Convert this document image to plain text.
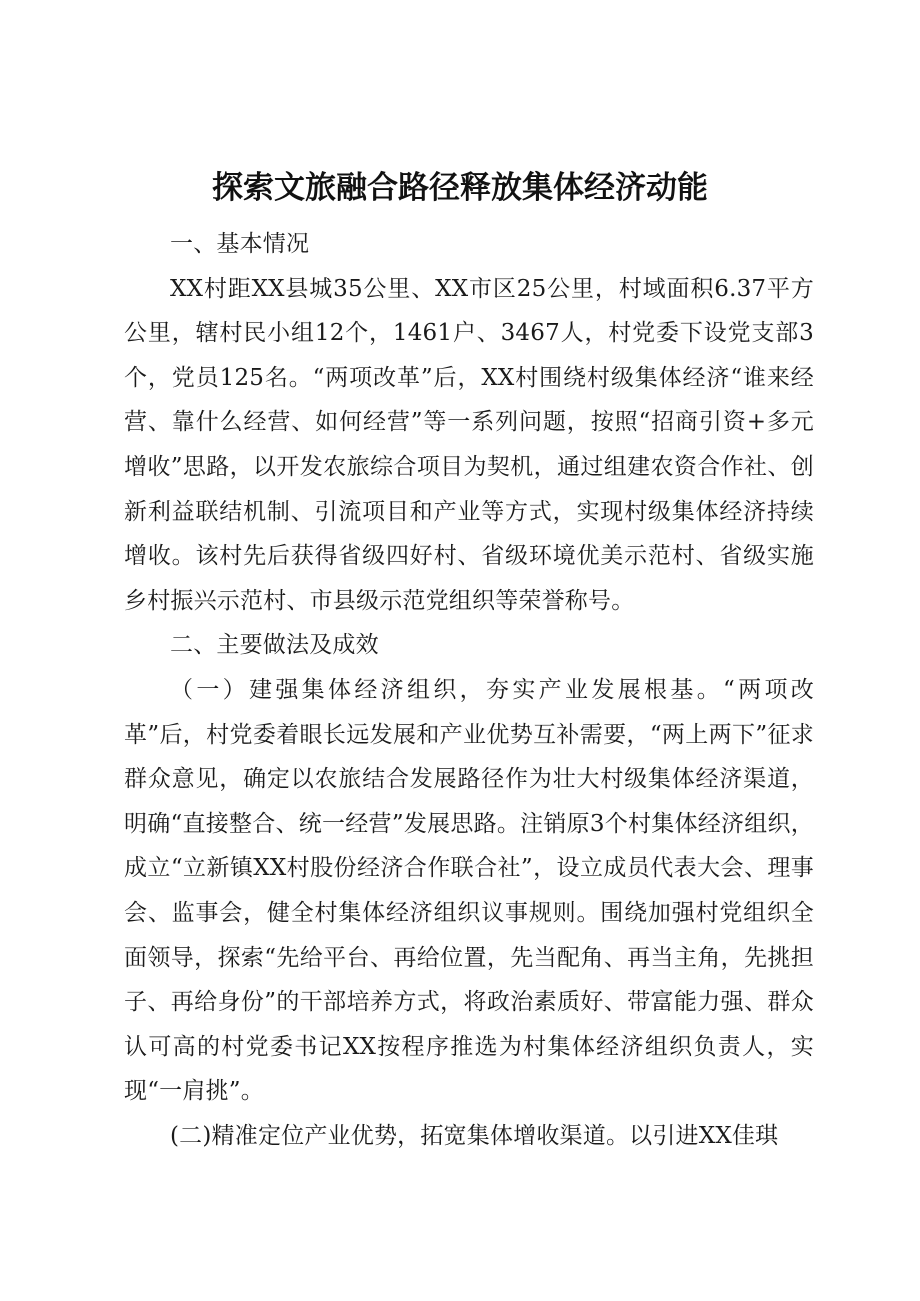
探索文旅融合路径释放集体经济动能

一、基本情况

XX村距XX县城35公里、XX市区25公里，村域面积6.37平方公里，辖村民小组12个，1461户、3467人，村党委下设党支部3个，党员125名。“两项改革”后，XX村围绕村级集体经济“谁来经营、靠什么经营、如何经营”等一系列问题，按照“招商引资+多元增收”思路，以开发农旅综合项目为契机，通过组建农资合作社、创新利益联结机制、引流项目和产业等方式，实现村级集体经济持续增收。该村先后获得省级四好村、省级环境优美示范村、省级实施乡村振兴示范村、市县级示范党组织等荣誉称号。

二、主要做法及成效

（一）建强集体经济组织，夯实产业发展根基。“两项改革”后，村党委着眼长远发展和产业优势互补需要，“两上两下”征求群众意见，确定以农旅结合发展路径作为壮大村级集体经济渠道，明确“直接整合、统一经营”发展思路。注销原3个村集体经济组织，成立“立新镇XX村股份经济合作联合社”，设立成员代表大会、理事会、监事会，健全村集体经济组织议事规则。围绕加强村党组织全面领导，探索“先给平台、再给位置，先当配角、再当主角，先挑担子、再给身份”的干部培养方式，将政治素质好、带富能力强、群众认可高的村党委书记XX按程序推选为村集体经济组织负责人，实现“一肩挑”。

(二)精准定位产业优势，拓宽集体增收渠道。以引进XX佳琪
